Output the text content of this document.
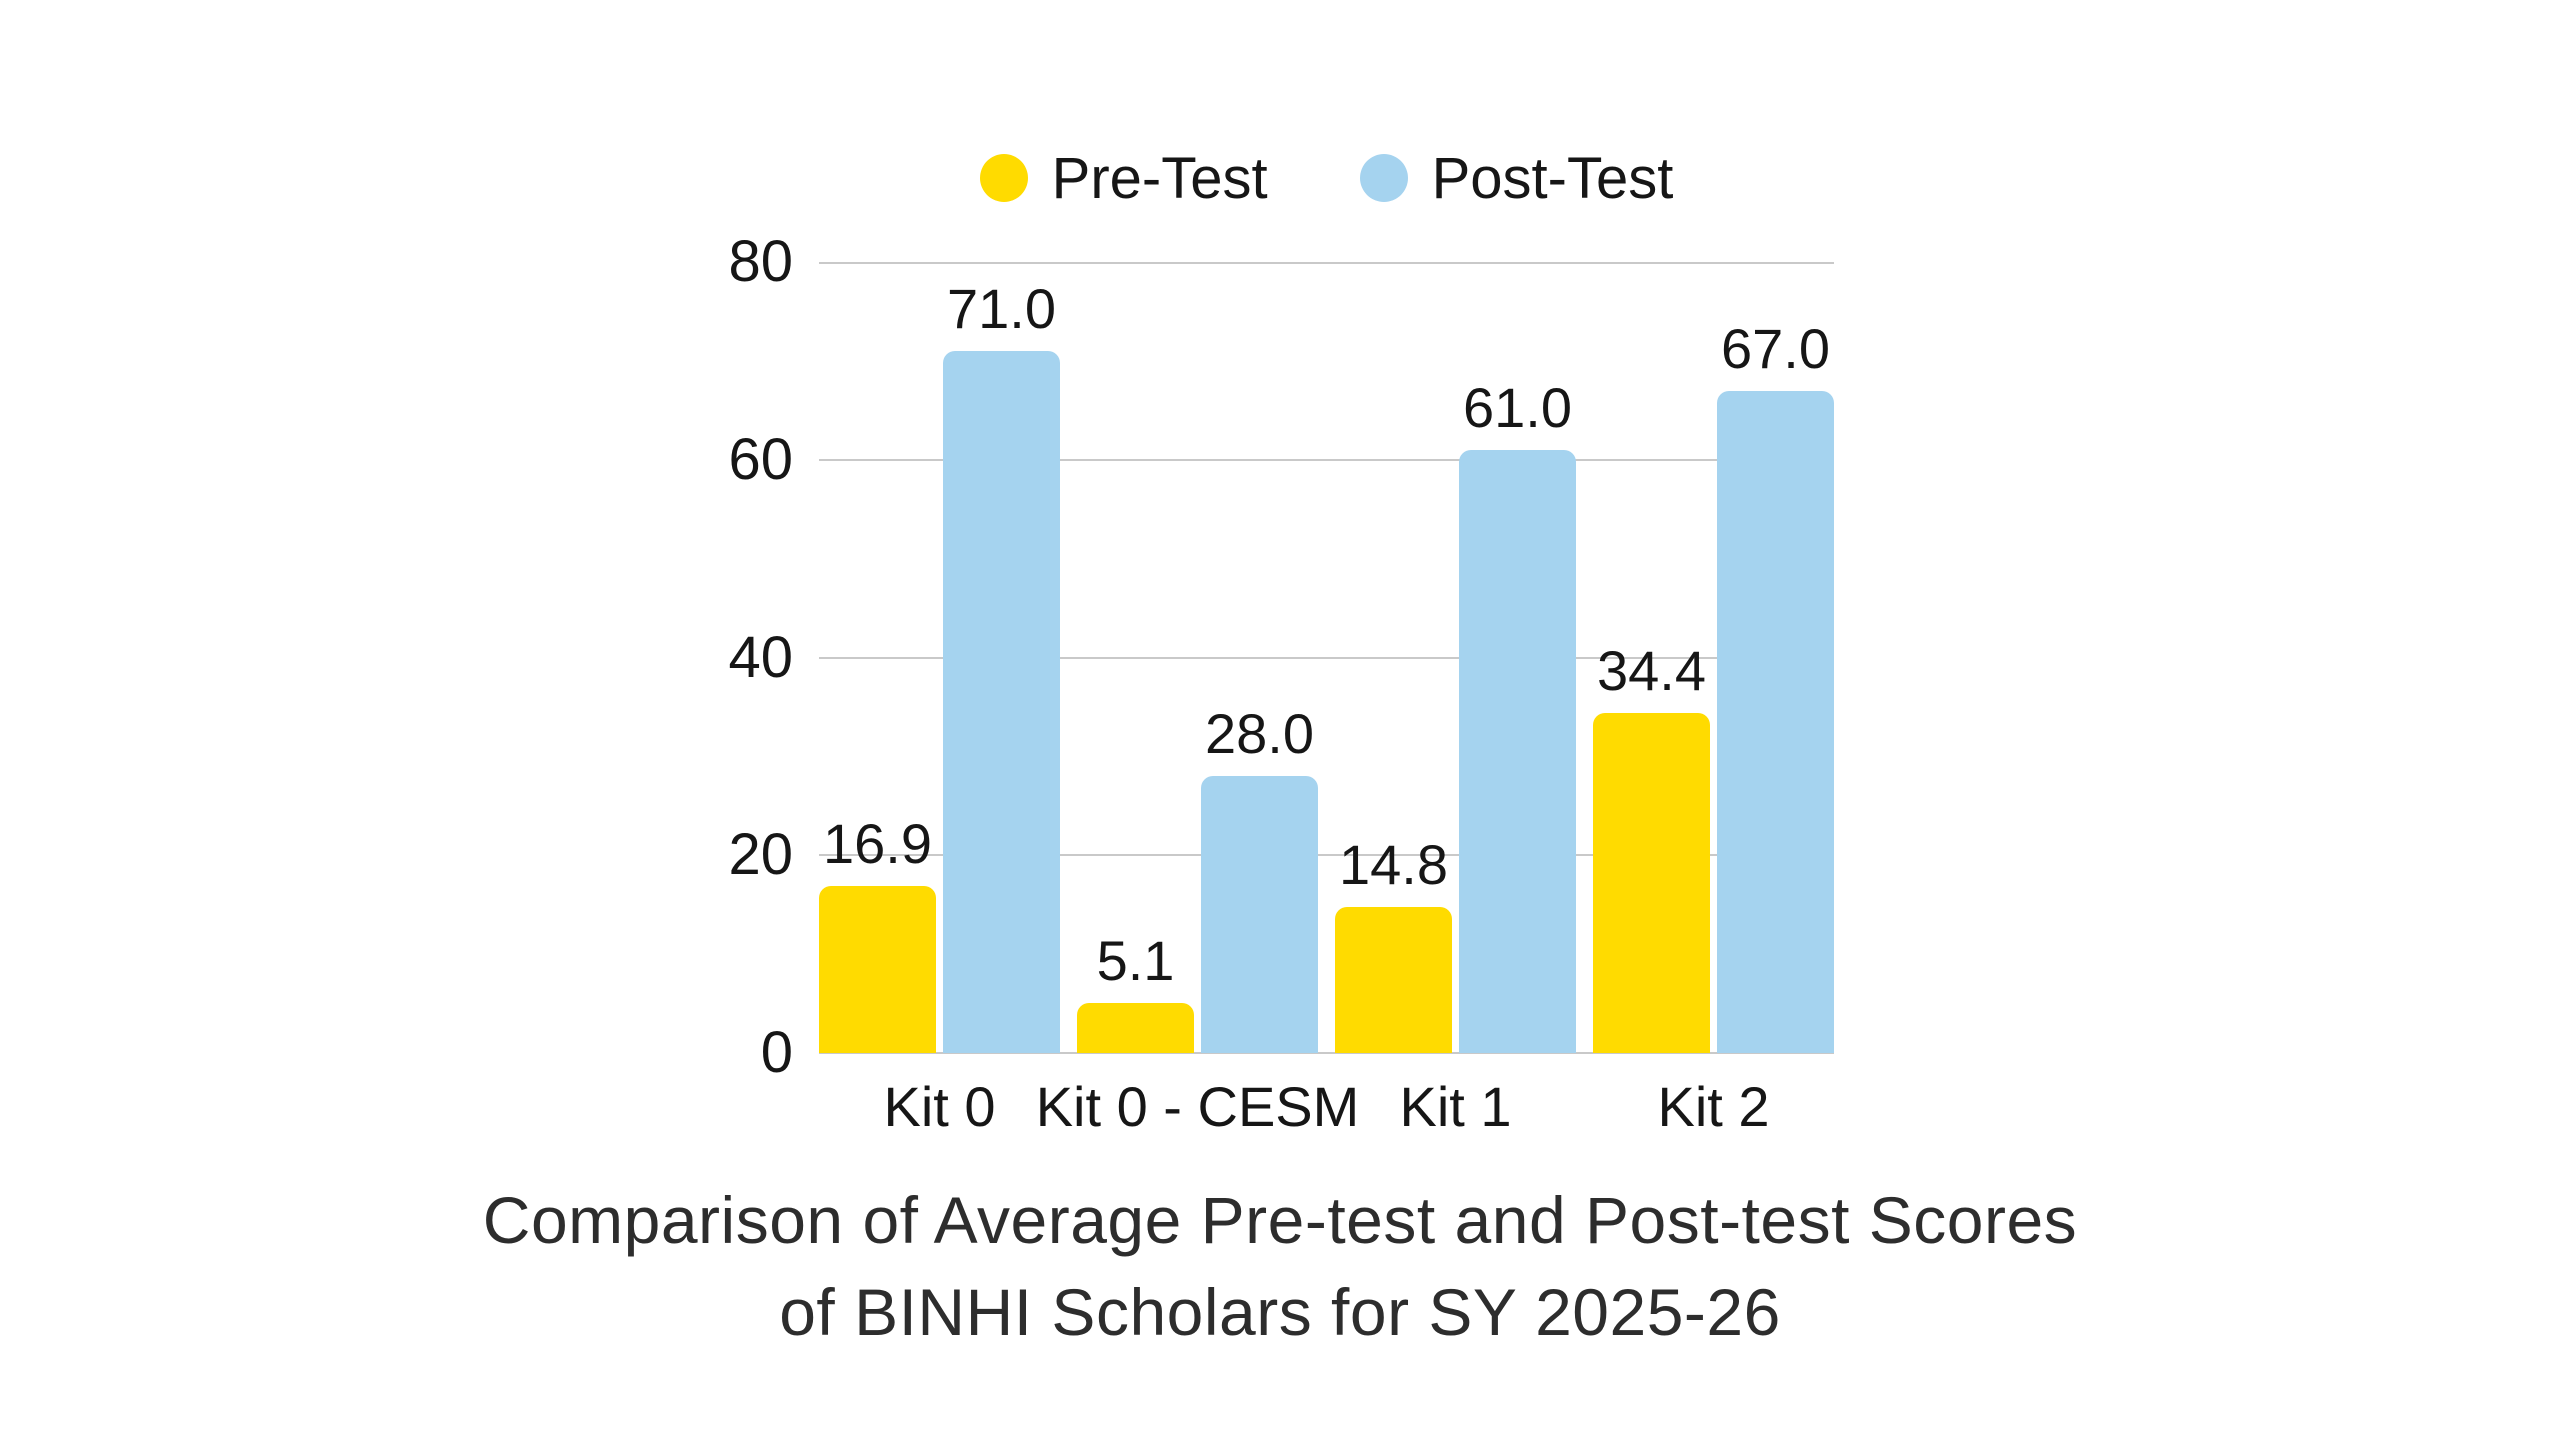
Pre-Test	Post-Test
0
20
40
60
80
16.9
71.0
Kit 0
5.1
28.0
Kit 0 - CESM
14.8
61.0
Kit 1
34.4
67.0
Kit 2
Comparison of Average Pre-test and Post-test Scores
of BINHI Scholars for SY 2025-26
